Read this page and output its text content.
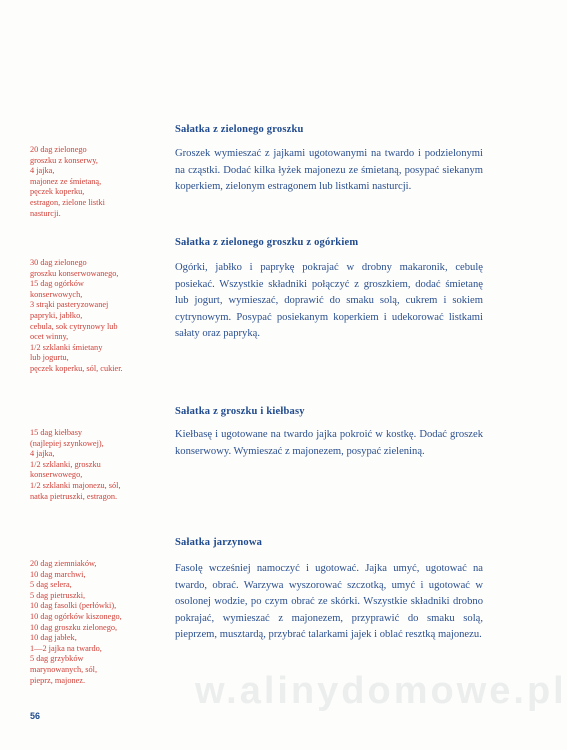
w.alinydomowe.pl
Sałatka z zielonego groszku
20 dag zielonego
groszku z konserwy,
4 jajka,
majonez ze śmietaną,
pęczek koperku,
estragon, zielone listki
nasturcji.

Groszek wymieszać z jajkami ugotowanymi na twardo i podzielonymi na cząstki. Dodać kilka łyżek majonezu ze śmietaną, posypać siekanym koperkiem, zielonym estragonem lub listkami nasturcji.

Sałatka z zielonego groszku z ogórkiem
30 dag zielonego
groszku konserwowanego,
15 dag ogórków
konserwowych,
3 strąki pasteryzowanej
papryki, jabłko,
cebula, sok cytrynowy lub
ocet winny,
1/2 szklanki śmietany
lub jogurtu,
pęczek koperku, sól, cukier.

Ogórki, jabłko i paprykę pokrajać w drobny makaronik, cebulę posiekać. Wszystkie składniki połączyć z groszkiem, dodać śmietanę lub jogurt, wymieszać, doprawić do smaku solą, cukrem i sokiem cytrynowym. Posypać posiekanym koperkiem i udekorować listkami sałaty oraz papryką.

Sałatka z groszku i kiełbasy
15 dag kiełbasy
(najlepiej szynkowej),
4 jajka,
1/2 szklanki, groszku
konserwowego,
1/2 szklanki majonezu, sól,
natka pietruszki, estragon.

Kiełbasę i ugotowane na twardo jajka pokroić w kostkę. Dodać groszek konserwowy. Wymieszać z majonezem, posypać zieleniną.

Sałatka jarzynowa
20 dag ziemniaków,
10 dag marchwi,
5 dag selera,
5 dag pietruszki,
10 dag fasolki (perłówki),
10 dag ogórków kiszonego,
10 dag groszku zielonego,
10 dag jabłek,
1—2 jajka na twardo,
5 dag grzybków
marynowanych, sól,
pieprz, majonez.

Fasolę wcześniej namoczyć i ugotować. Jajka umyć, ugotować na twardo, obrać. Warzywa wyszorować szczotką, umyć i ugotować w osolonej wodzie, po czym obrać ze skórki. Wszystkie składniki drobno pokrajać, wymieszać z majonezem, przyprawić do smaku solą, pieprzem, musztardą, przybrać talarkami jajek i oblać resztką majonezu.

56
